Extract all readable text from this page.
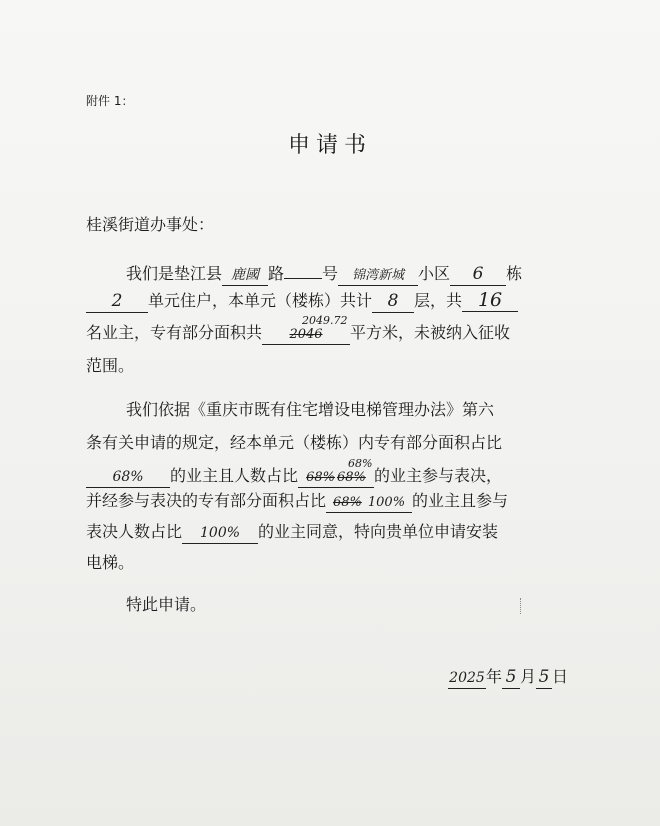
附件 1：
申请书
桂溪街道办事处：
我们是垫江县 鹿國 路 号 锦湾新城 小区 6 栋
2 单元住户，本单元（楼栋）共计 8 层，共 16
名业主，专有部分面积共 2046
2049.72
平方米，未被纳入征收
范围。
我们依据《重庆市既有住宅增设电梯管理办法》第六
条有关申请的规定，经本单元（楼栋）内专有部分面积占比
68% 的业主且人数占比 68% 68%
68%
的业主参与表决，
并经参与表决的专有部分面积占比 68% 100% 的业主且参与
表决人数占比 100% 的业主同意，特向贵单位申请安装
电梯。
特此申请。
2025年 5 月 5 日
